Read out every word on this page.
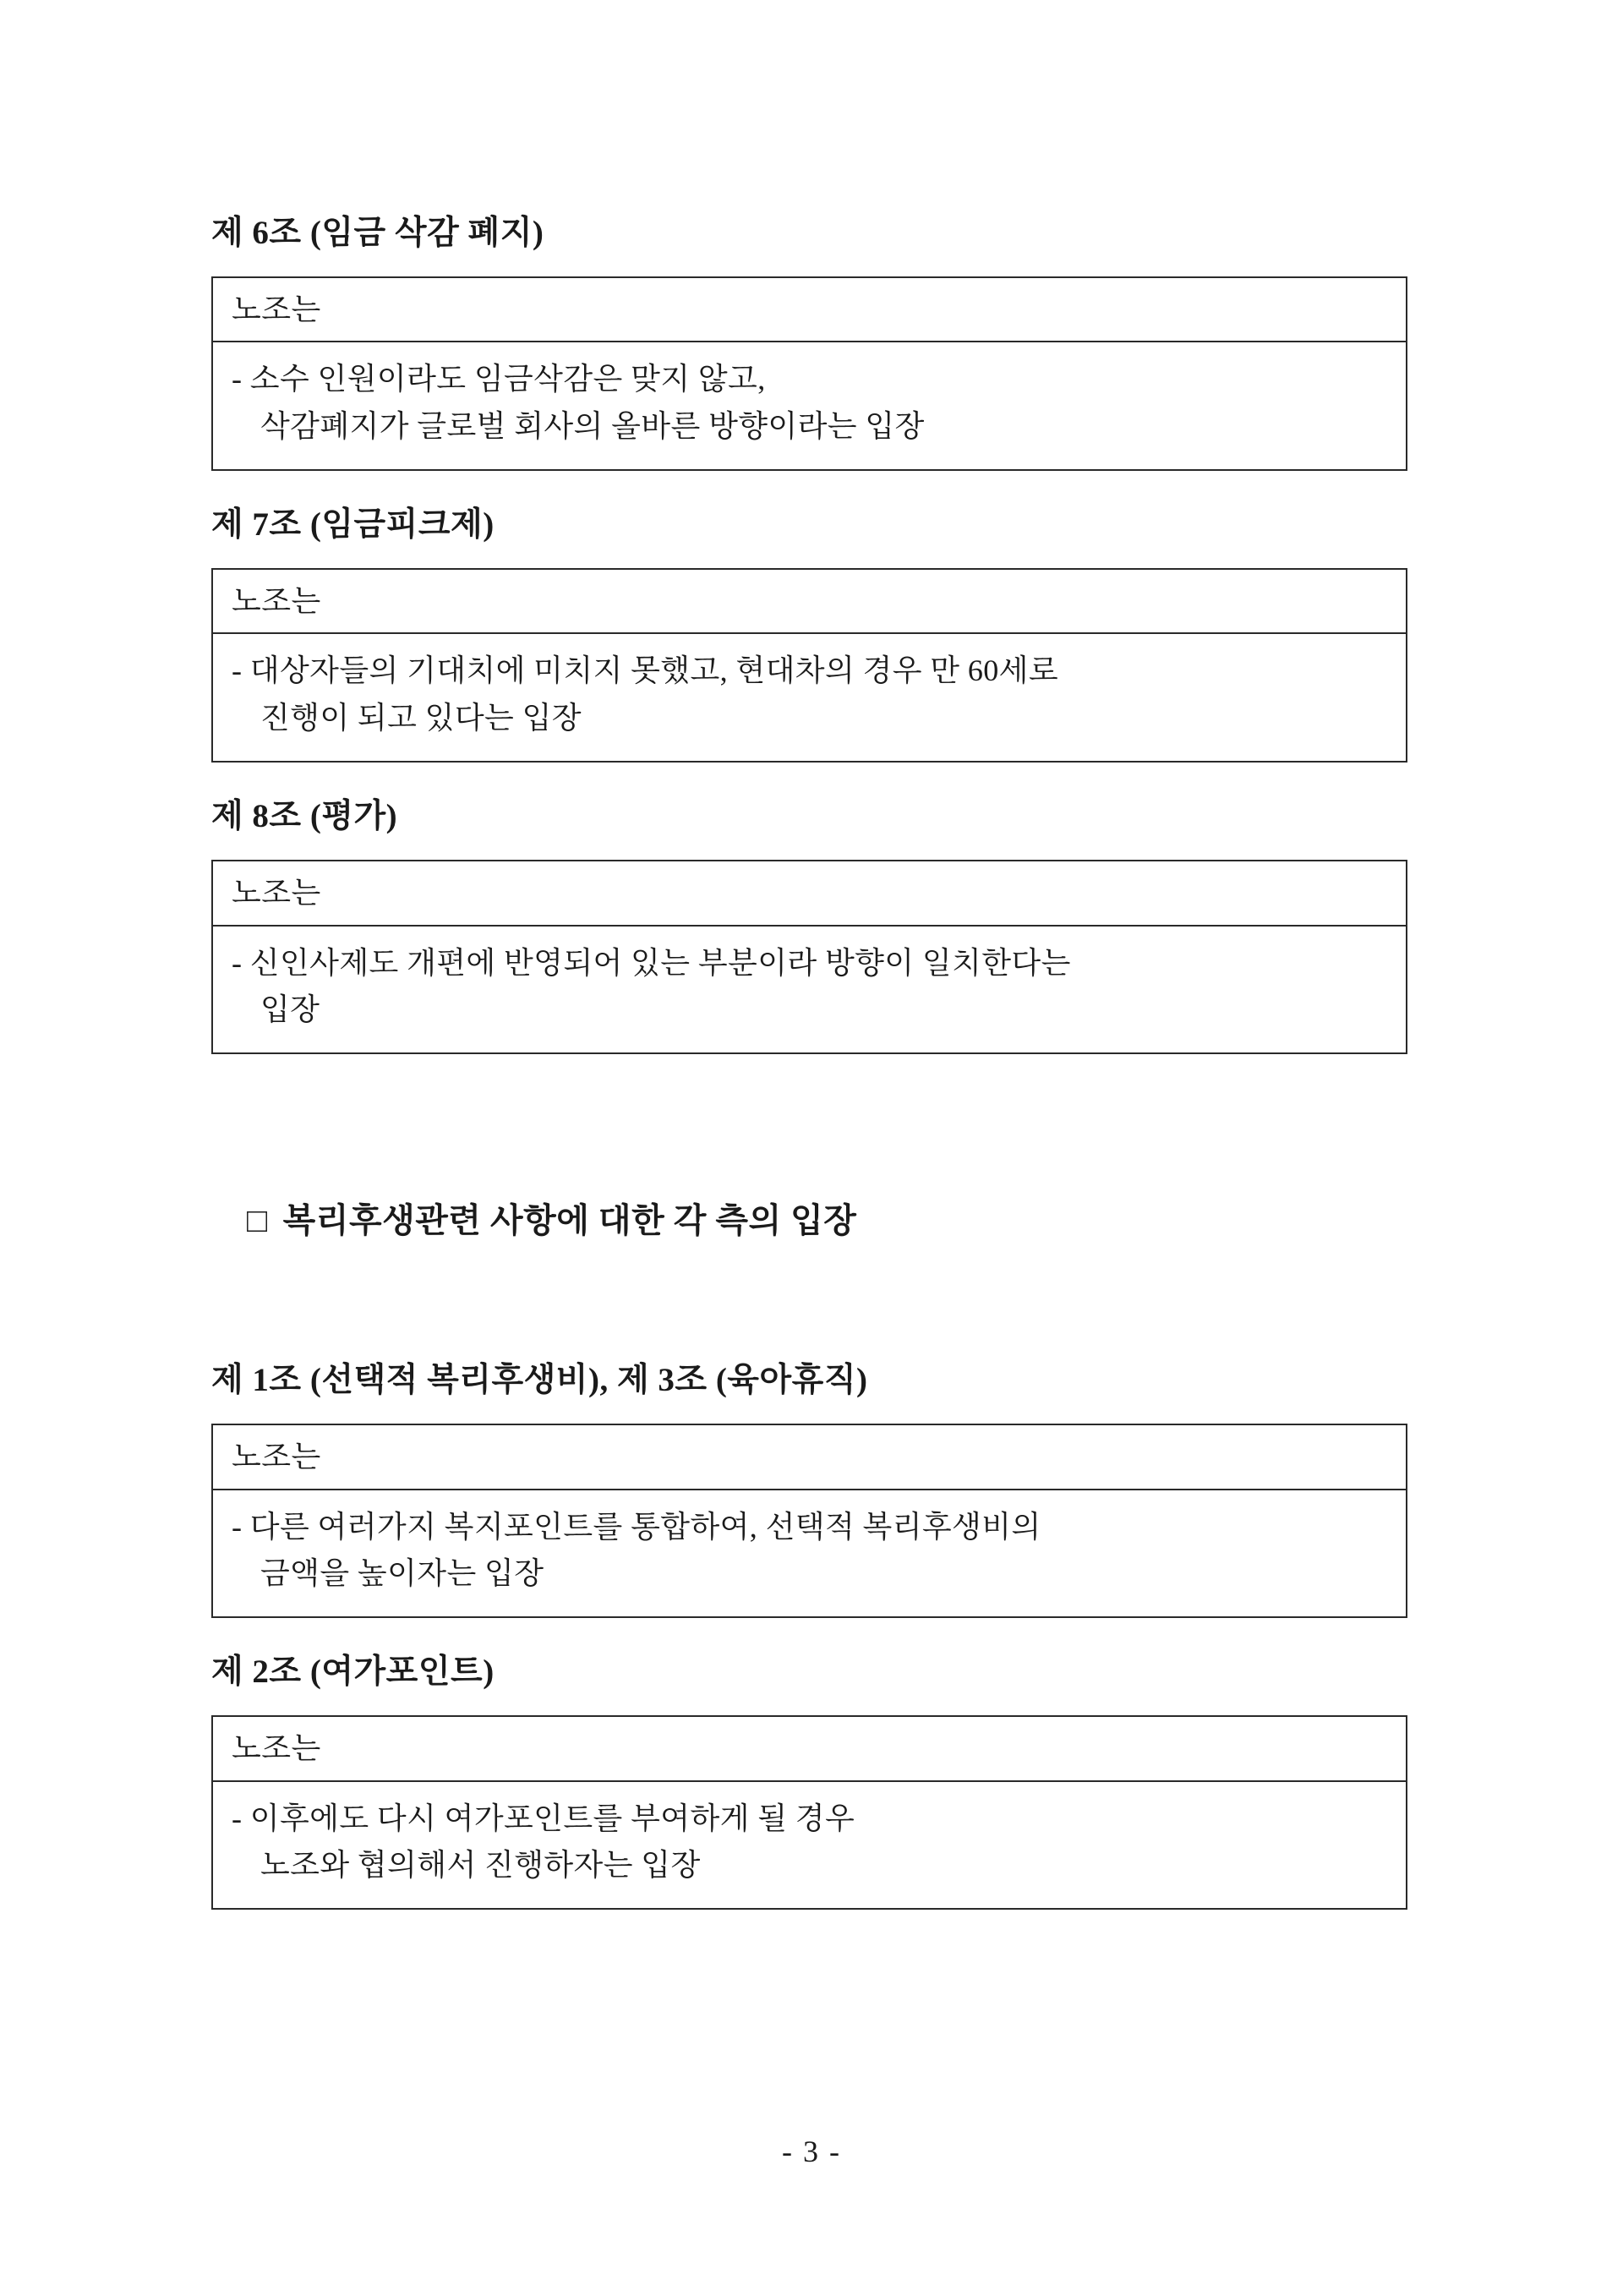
제 6조 (임금 삭감 폐지)
노조는
- 소수 인원이라도 임금삭감은 맞지 않고,
삭감폐지가 글로벌 회사의 올바른 방향이라는 입장
제 7조 (임금피크제)
노조는
- 대상자들의 기대치에 미치지 못했고, 현대차의 경우 만 60세로
진행이 되고 있다는 입장
제 8조 (평가)
노조는
- 신인사제도 개편에 반영되어 있는 부분이라 방향이 일치한다는
입장

□ 복리후생관련 사항에 대한 각 측의 입장

제 1조 (선택적 복리후생비), 제 3조 (육아휴직)
노조는
- 다른 여러가지 복지포인트를 통합하여, 선택적 복리후생비의
금액을 높이자는 입장
제 2조 (여가포인트)
노조는
- 이후에도 다시 여가포인트를 부여하게 될 경우
노조와 협의해서 진행하자는 입장
- 3 -
